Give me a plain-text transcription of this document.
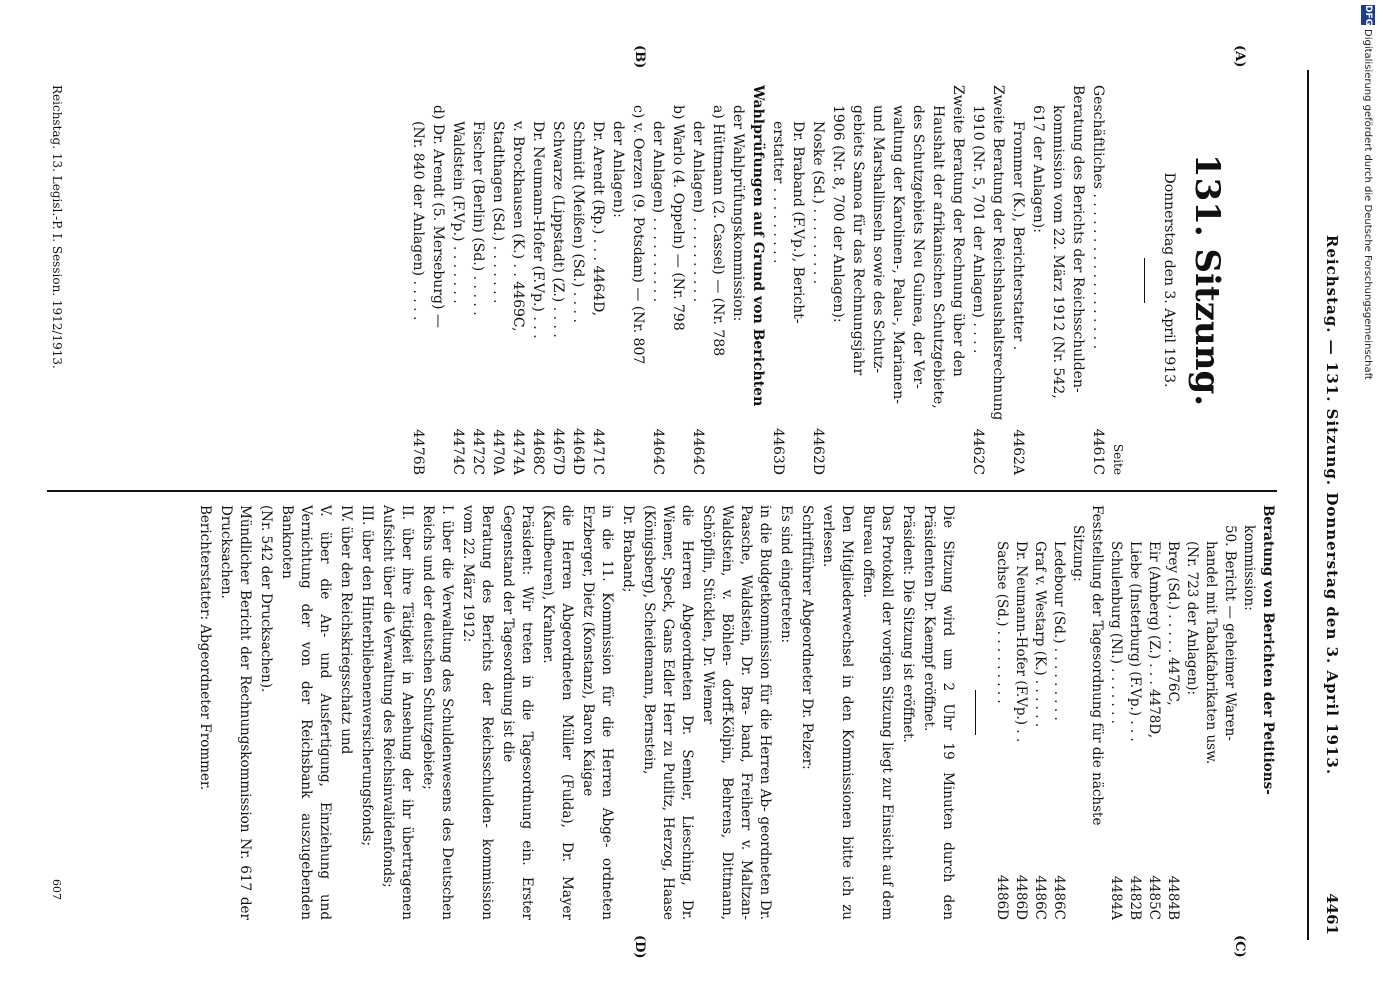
DFGDigitalisierung gefördert durch die Deutsche Forschungsgemeinschaft
Reichstag. — 131. Sitzung. Donnerstag den 3. April 1913.
4461
(A)
(B)
(C)
(D)
131. Sitzung.
Donnerstag den 3. April 1913.
Seite
Geschäftliches . . . . . . . . . . . . . . . . . .
4461C
Beratung des Berichts der Reichsschulden-
kommission vom 22. März 1912 (Nr. 542,
617 der Anlagen):
Frommer (K.), Berichterstatter .
4462A
Zweite Beratung der Reichshaushaltsrechnung
1910 (Nr. 5, 701 der Anlagen) . . . .
4462C
Zweite Beratung der Rechnung über den
Haushalt der afrikanischen Schutzgebiete,
des Schutzgebiets Neu Guinea, der Ver-
waltung der Karolinen-, Palau-, Marianen-
und Marshallinseln sowie des Schutz-
gebiets Samoa für das Rechnungsjahr
1906 (Nr. 8, 700 der Anlagen):
Noske (Sd.) . . . . . . . . .
4462D
Dr. Braband (F.Vp.), Bericht-
erstatter . . . . . . . . .
4463D
Wahlprüfungen auf Grund von Berichten
der Wahlprüfungskommission:
a) Hüttmann (2. Cassel) — (Nr. 788
der Anlagen) . . . . . . . . . .
4464C
b) Warlo (4. Oppeln) — (Nr. 798
der Anlagen) . . . . . . . . . .
4464C
c) v. Oerzen (9. Potsdam) — (Nr. 807
der Anlagen):
Dr. Arendt (Rp.) . . . 4464D,
4471C
Schmidt (Meißen) (Sd.) . . . .
4464D
Schwarze (Lippstadt) (Z.) . . . .
4467D
Dr. Neumann-Hofer (F.Vp.) . . .
4468C
v. Brockhausen (K.) . . 4469C,
4474A
Stadthagen (Sd.) . . . . . . .
4470A
Fischer (Berlin) (Sd.) . . . . .
4472C
Waldstein (F.Vp.) . . . . . . .
4474C
d) Dr. Arendt (5. Merseburg) —
(Nr. 840 der Anlagen) . . . . .
4476B
Reichstag. 13. Legisl.-P. I. Session. 1912/1913.
Beratung von Berichten der Petitions-
kommission:
50. Bericht — geheimer Waren-
handel mit Tabakfabrikaten usw.
(Nr. 723 der Anlagen):
Brey (Sd.) . . . . . 4476C,
4484B
Eir (Amberg) (Z.) . . . 4478D,
4485C
Liebe (Insterburg) (F.Vp.) . . .
4482B
Schulenburg (Nl.) . . . . . . .
4484A
Feststellung der Tagesordnung für die nächste
Sitzung:
Ledebour (Sd.) . . . . . . . . .
4486C
Graf v. Westarp (K.) . . . . . .
4486C
Dr. Neumann-Hofer (F.Vp.) . .
4486D
Sachse (Sd.) . . . . . . . . .
4486D
Die Sitzung wird um 2 Uhr 19 Minuten durch den Präsidenten Dr. Kaempf eröffnet.
Präsident: Die Sitzung ist eröffnet.
Das Protokoll der vorigen Sitzung liegt zur Einsicht auf dem Bureau offen.
Den Mitgliederwechsel in den Kommissionen bitte ich zu verlesen.
Schriftführer Abgeordneter Dr. Pelzer:
Es sind eingetreten:
in die Budgetkommission für die Herren Ab- geordneten Dr. Paasche, Waldstein, Dr. Bra- band, Freiherr v. Maltzan-Waldstein, v. Böhlen- dorff-Kölpin, Behrens, Dittmann, Schöpflin, Stücklen, Dr. Wiemer
die Herren Abgeordneten Dr. Semler, Liesching, Dr. Wiemer, Speck, Gans Edler Herr zu Putlitz, Herzog, Haase (Königsberg), Scheidemann, Bernstein,
Dr. Braband;
in die 11. Kommission für die Herren Abge- ordneten Erzberger, Dietz (Konstanz), Baron Kaigae
die Herren Abgeordneten Müller (Fulda), Dr. Mayer (Kaufbeuren), Krahner.
Präsident: Wir treten in die Tagesordnung ein. Erster Gegenstand der Tagesordnung ist die
Beratung des Berichts der Reichsschulden- kommission vom 22. März 1912:
I. über die Verwaltung des Schuldenwesens des Deutschen Reichs und der deutschen Schutzgebiete;
II. über ihre Tätigkeit in Ansehung der ihr übertragenen Aufsicht über die Verwaltung des Reichsinvalidenfonds;
III. über den Hinterbliebenenversicherungsfonds;
IV. über den Reichskriegsschatz und
V. über die An- und Ausfertigung, Einziehung und Vernichtung der von der Reichsbank auszugebenden Banknoten
(Nr. 542 der Drucksachen).
Mündlicher Bericht der Rechnungskommission Nr. 617 der Drucksachen.
Berichterstatter: Abgeordneter Frommer.
607
